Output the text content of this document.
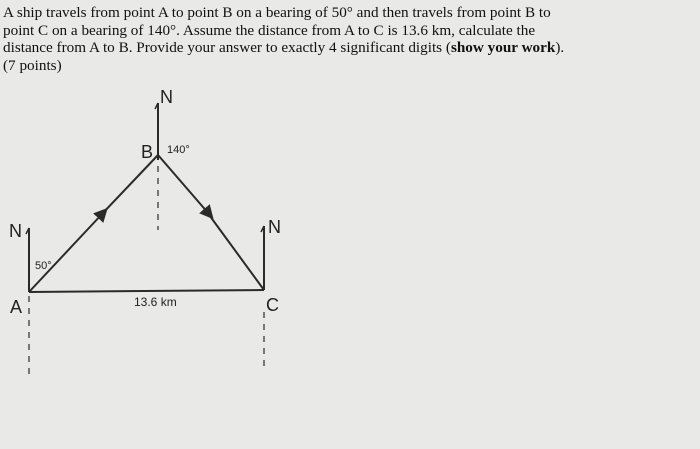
A ship travels from point A to point B on a bearing of 50° and then travels from point B to

point C on a bearing of 140°. Assume the distance from A to C is 13.6 km, calculate the

distance from A to B. Provide your answer to exactly 4 significant digits (show your work).

(7 points)

N
N	N
B
A	C
50°
140°
13.6 km
